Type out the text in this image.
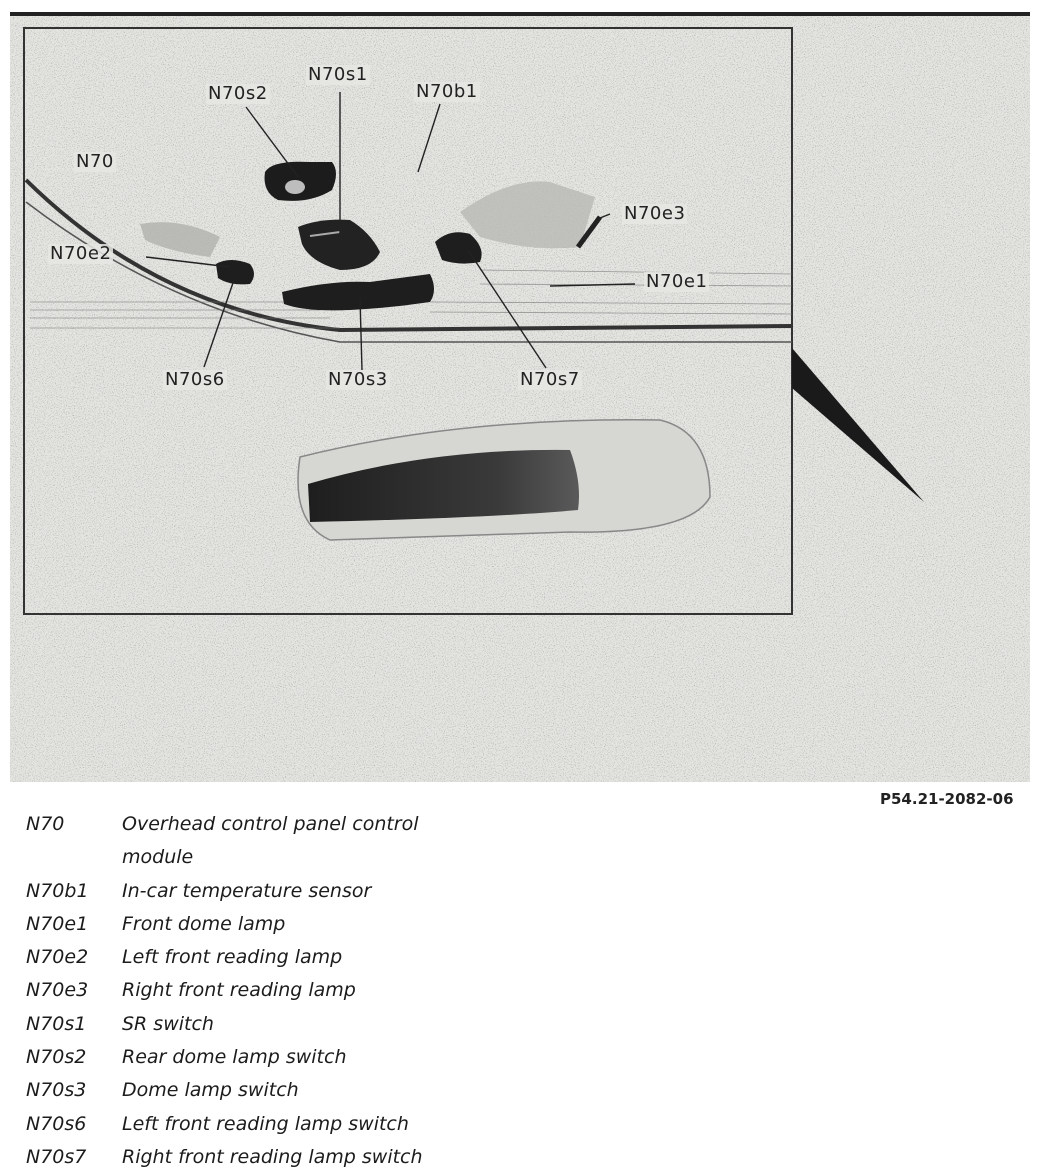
N70
N70s2
N70s1
N70b1
N70e3
N70e2
N70e1
N70s6	N70s3	N70s7
P54.21-2082-06
N70	Overhead control panel control module
N70b1	In-car temperature sensor
N70e1	Front dome lamp
N70e2	Left front reading lamp
N70e3	Right front reading lamp
N70s1	SR switch
N70s2	Rear dome lamp switch
N70s3	Dome lamp switch
N70s6	Left front reading lamp switch
N70s7	Right front reading lamp switch
